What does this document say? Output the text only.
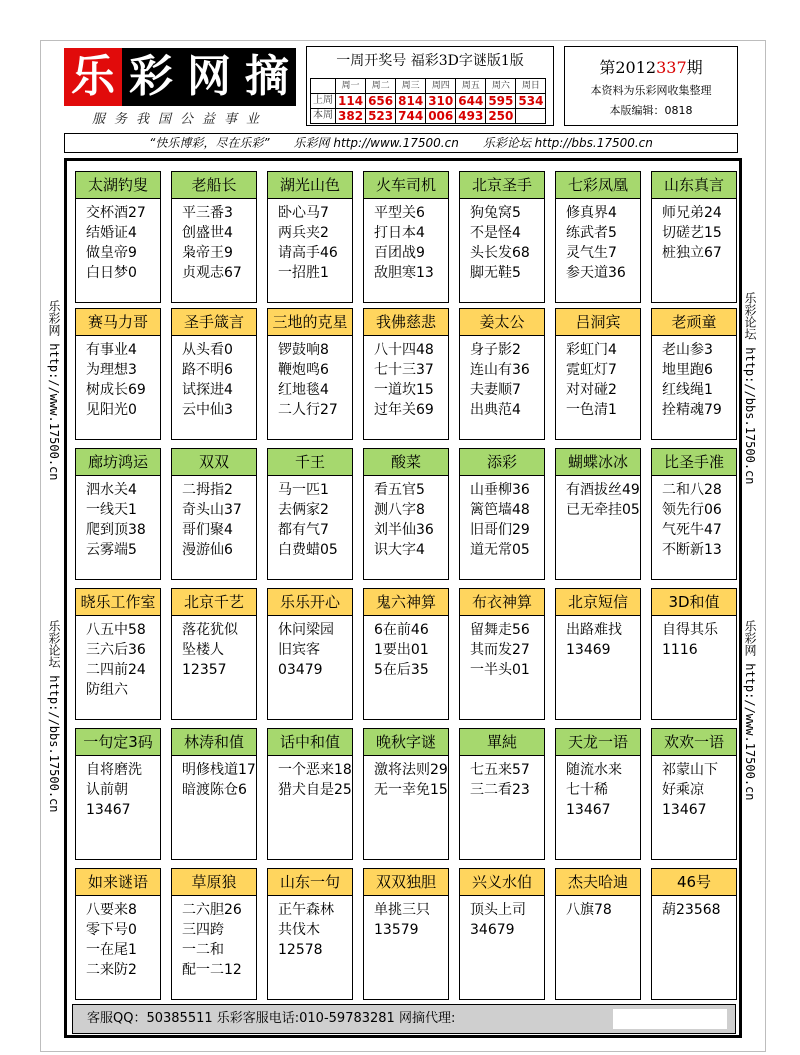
乐 彩 网 摘
服务我国公益事业
一周开奖号 福彩3D字谜版1版
	周一	周二	周三	周四	周五	周六	周日
上周	114	656	814	310	644	595	534
本周	382	523	744	006	493	250	
第2012337期
本资料为乐彩网收集整理
本版编辑：0818
“快乐博彩，尽在乐彩” 乐彩网 http://www.17500.cn 乐彩论坛 http://bbs.17500.cn
乐彩网 http://www.17500.cn
乐彩论坛 http://bbs.17500.cn
乐彩论坛 http://bbs.17500.cn
乐彩网 http://www.17500.cn
太湖钓叟
交杯酒27
结婚证4
做皇帝9
白日梦0
老船长
平三番3
创盛世4
枭帝王9
贞观志67
湖光山色
卧心马7
两兵夹2
请高手46
一招胜1
火车司机
平型关6
打日本4
百团战9
敌胆寒13
北京圣手
狗兔窝5
不是怪4
头长发68
脚无鞋5
七彩凤凰
修真界4
练武者5
灵气生7
参天道36
山东真言
师兄弟24
切磋艺15
桩独立67
赛马力哥
有事业4
为理想3
树成长69
见阳光0
圣手箴言
从头看0
路不明6
试探进4
云中仙3
三地的克星
锣鼓响8
鞭炮鸣6
红地毯4
二人行27
我佛慈悲
八十四48
七十三37
一道坎15
过年关69
姜太公
身子影2
连山有36
夫妻顺7
出典范4
吕洞宾
彩虹门4
霓虹灯7
对对碰2
一色清1
老顽童
老山参3
地里跑6
红线绳1
拴精魂79
廊坊鸿运
泗水关4
一线天1
爬到顶38
云雾端5
双双
二拇指2
奇头山37
哥们聚4
漫游仙6
千王
马一匹1
去俩家2
都有气7
白费蜡05
酸菜
看五官5
测八字8
刘半仙36
识大字4
添彩
山垂柳36
篱笆墙48
旧哥们29
道无常05
蝴蝶冰冰
有酒拔丝49
已无牵挂05
比圣手准
二和八28
领先行06
气死牛47
不断新13
晓乐工作室
八五中58
三六后36
二四前24
防组六
北京千艺
落花犹似
坠楼人
12357
乐乐开心
休问梁园
旧宾客
03479
鬼六神算
6在前46
1要出01
5在后35
布衣神算
留舞走56
其而发27
一半头01
北京短信
出路难找
13469
3D和值
自得其乐
1116
一句定3码
自将磨洗
认前朝
13467
林涛和值
明修栈道17
暗渡陈仓6
话中和值
一个恶来18
猎犬自是25
晚秋字谜
激将法则29
无一幸免15
單純
七五来57
三二看23
天龙一语
随流水来
七十稀
13467
欢欢一语
祁蒙山下
好乘凉
13467
如来谜语
八要来8
零下号0
一在尾1
二来防2
草原狼
二六胆26
三四跨
一二和
配一二12
山东一句
正午森林
共伐木
12578
双双独胆
单挑三只
13579
兴义水伯
顶头上司
34679
杰夫哈迪
八旗78
46号
葫23568
客服QQ：50385511 乐彩客服电话:010-59783281 网摘代理:
